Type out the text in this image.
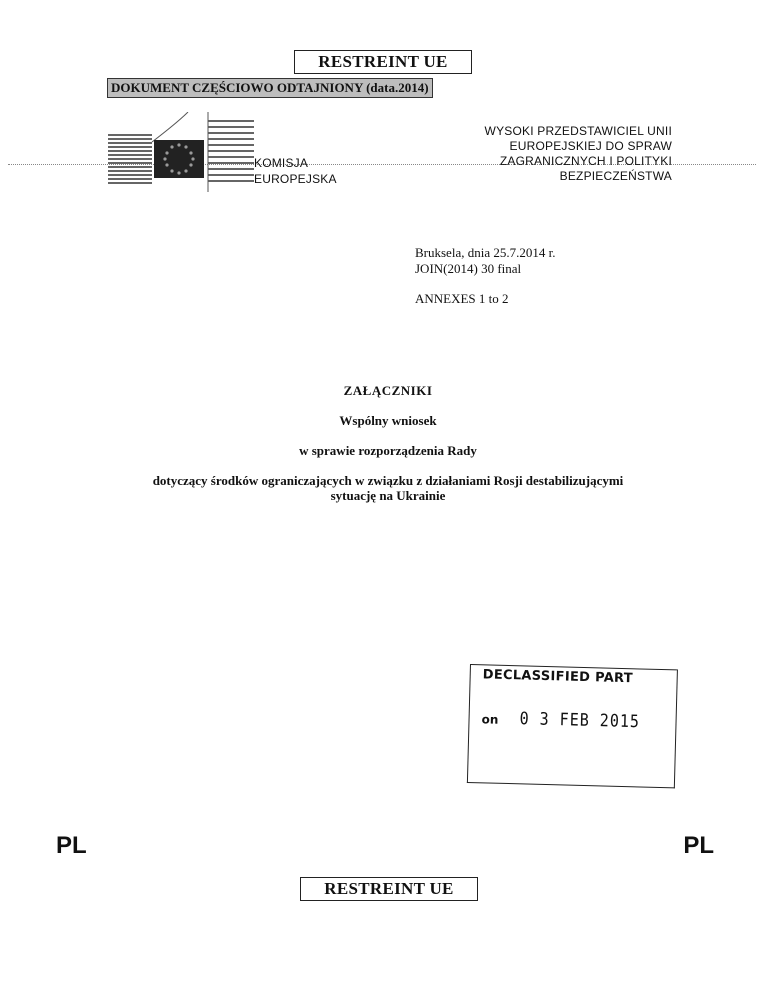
RESTREINT UE
DOKUMENT CZĘŚCIOWO ODTAJNIONY (data.2014)
KOMISJA
EUROPEJSKA
WYSOKI PRZEDSTAWICIEL UNII
EUROPEJSKIEJ DO SPRAW
ZAGRANICZNYCH I POLITYKI
BEZPIECZEŃSTWA
Bruksela, dnia 25.7.2014 r.
JOIN(2014) 30 final
ANNEXES 1 to 2
ZAŁĄCZNIKI
Wspólny wniosek
w sprawie rozporządzenia Rady
dotyczący środków ograniczających w związku z działaniami Rosji destabilizującymi
sytuację na Ukrainie
DECLASSIFIED PART
on 0 3 FEB 2015
PL	PL
RESTREINT UE
